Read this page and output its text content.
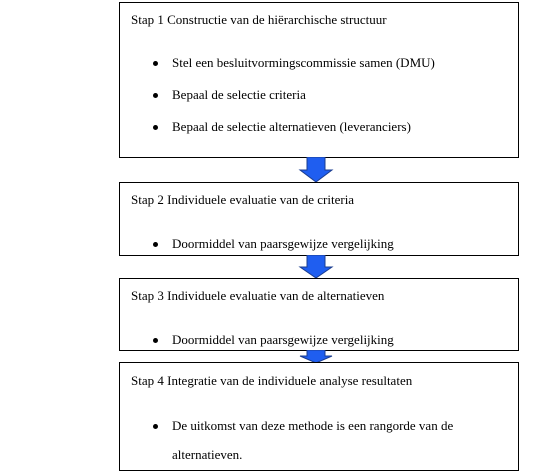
Stap 1 Constructie van de hiërarchische structuur
Stel een besluitvormingscommissie samen (DMU)
Bepaal de selectie criteria
Bepaal de selectie alternatieven (leveranciers)
Stap 2 Individuele evaluatie van de criteria
Doormiddel van paarsgewijze vergelijking
Stap 3 Individuele evaluatie van de alternatieven
Doormiddel van paarsgewijze vergelijking
Stap 4 Integratie van de individuele analyse resultaten
De uitkomst van deze methode is een rangorde van de
alternatieven.
